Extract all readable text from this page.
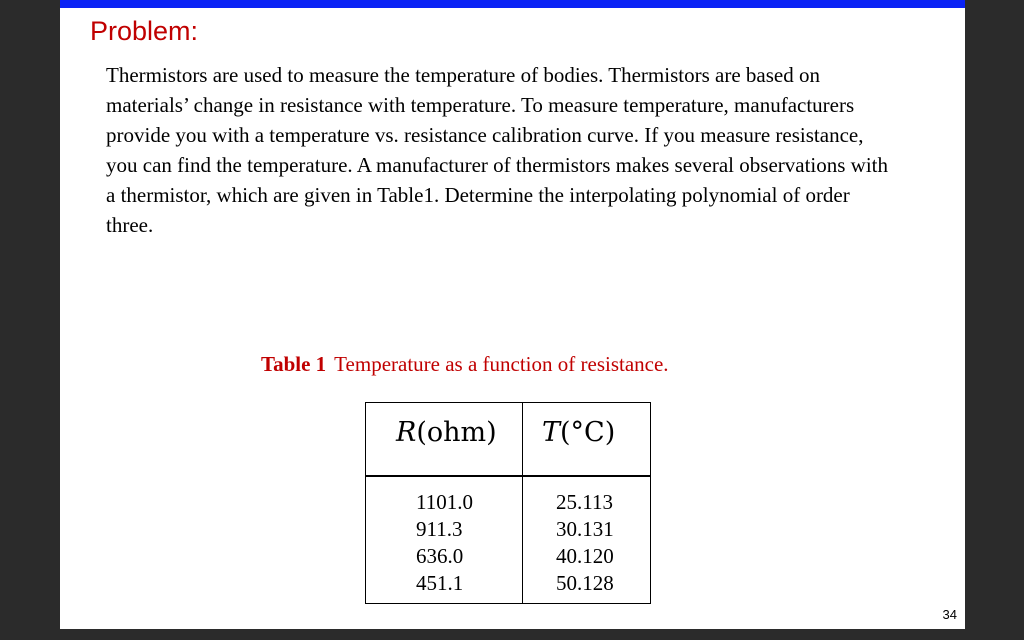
Problem:

Thermistors are used to measure the temperature of bodies. Thermistors are based on materials’ change in resistance with temperature. To measure temperature, manufacturers provide you with a temperature vs. resistance calibration curve. If you measure resistance, you can find the temperature. A manufacturer of thermistors makes several observations with a thermistor, which are given in Table1. Determine the interpolating polynomial of order three.

Table 1 Temperature as a function of resistance.
R(ohm) T(°C)
1101.0
911.3
636.0
451.1
25.113
30.131
40.120
50.128
34
